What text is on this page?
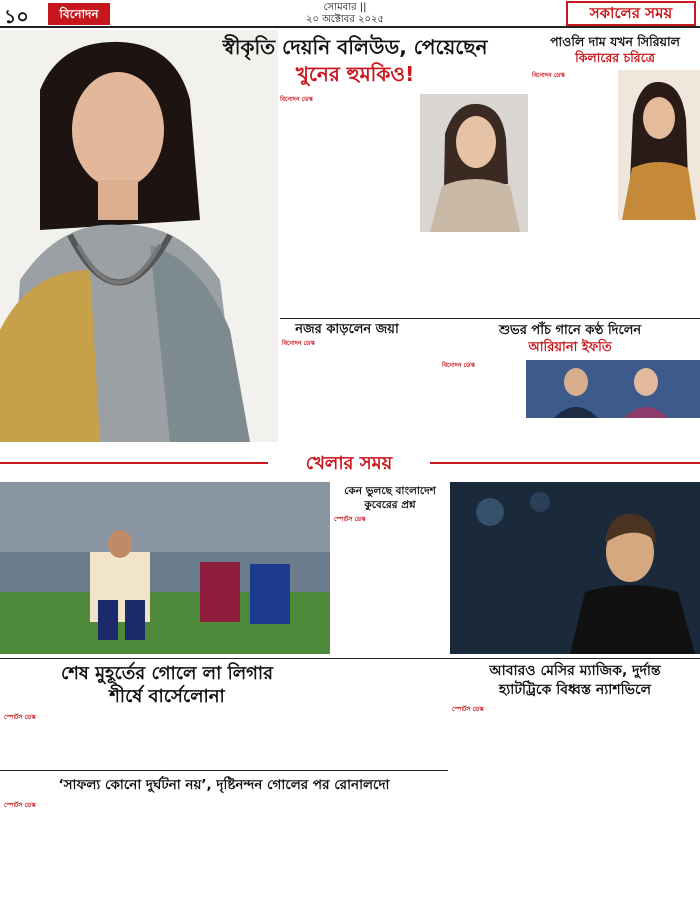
১০	বিনোদন	সোমবার ||
২০ অক্টোবর ২০২৫	সকালের সময়
স্বীকৃতি দেয়নি বলিউড, পেয়েছেন
খুনের হুমকিও!
বিনোদন ডেস্ক
পাওলি দাম যখন সিরিয়াল
কিলারের চরিত্রে
বিনোদন ডেস্ক
নজর কাড়লেন জয়া
বিনোদন ডেস্ক
শুভর পাঁচ গানে কণ্ঠ দিলেন
আরিয়ানা ইফতি
বিনোদন ডেস্ক
খেলার সময়
কেন ভুলছে বাংলাদেশ
কুবেরের প্রশ্ন
স্পোর্টস ডেস্ক
শেষ মুহূর্তের গোলে লা লিগার
শীর্ষে বার্সেলোনা
আবারও মেসির ম্যাজিক, দুর্দান্ত
হ্যাটট্রিকে বিধ্বস্ত ন্যাশভিলে
স্পোর্টস ডেস্ক
স্পোর্টস ডেস্ক
‘সাফল্য কোনো দুর্ঘটনা নয়’, দৃষ্টিনন্দন গোলের পর রোনালদো
স্পোর্টস ডেস্ক
